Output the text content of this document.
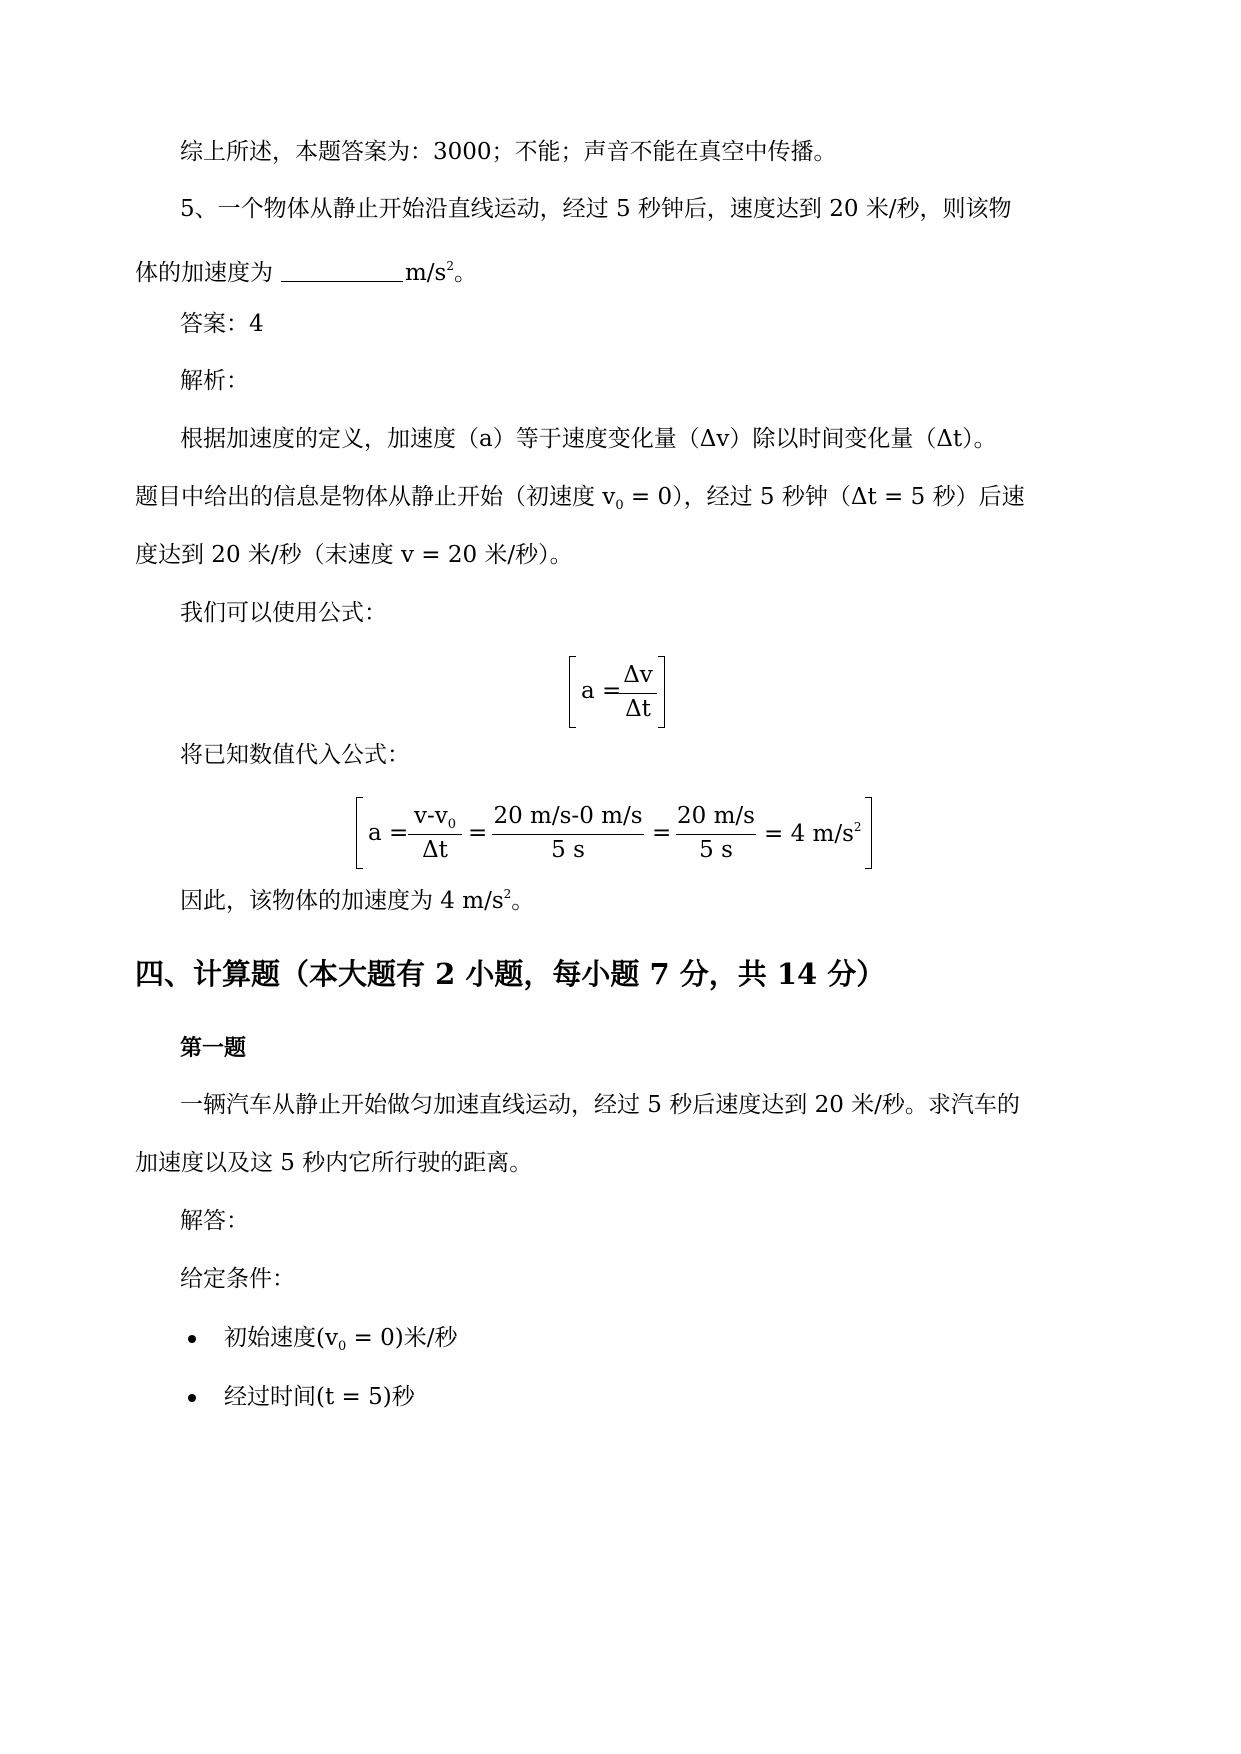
综上所述，本题答案为：3000；不能；声音不能在真空中传播。
5、一个物体从静止开始沿直线运动，经过 5 秒钟后，速度达到 20 米/秒，则该物
体的加速度为	$m/s^2$。
答案：4
解析：
根据加速度的定义，加速度（a）等于速度变化量（Δv）除以时间变化量（Δt）。
题目中给出的信息是物体从静止开始（初速度 $v_0 = 0$），经过 5 秒钟（Δt = 5 秒）后速
度达到 20 米/秒（末速度 v = 20 米/秒）。
我们可以使用公式：
a =
Δv
Δt
将已知数值代入公式：
a =
$v-v_0$
Δt
=
20 m/s-0 m/s
5 s
=
20 m/s
5 s
= 4 $m/s^2$
因此，该物体的加速度为 4 $m/s^2$。
四、计算题（本大题有 2 小题，每小题 7 分，共 14 分）
第一题
一辆汽车从静止开始做匀加速直线运动，经过 5 秒后速度达到 20 米/秒。求汽车的
加速度以及这 5 秒内它所行驶的距离。
解答：
给定条件：
初始速度$(v_0 = 0)$米/秒
经过时间(t = 5)秒
